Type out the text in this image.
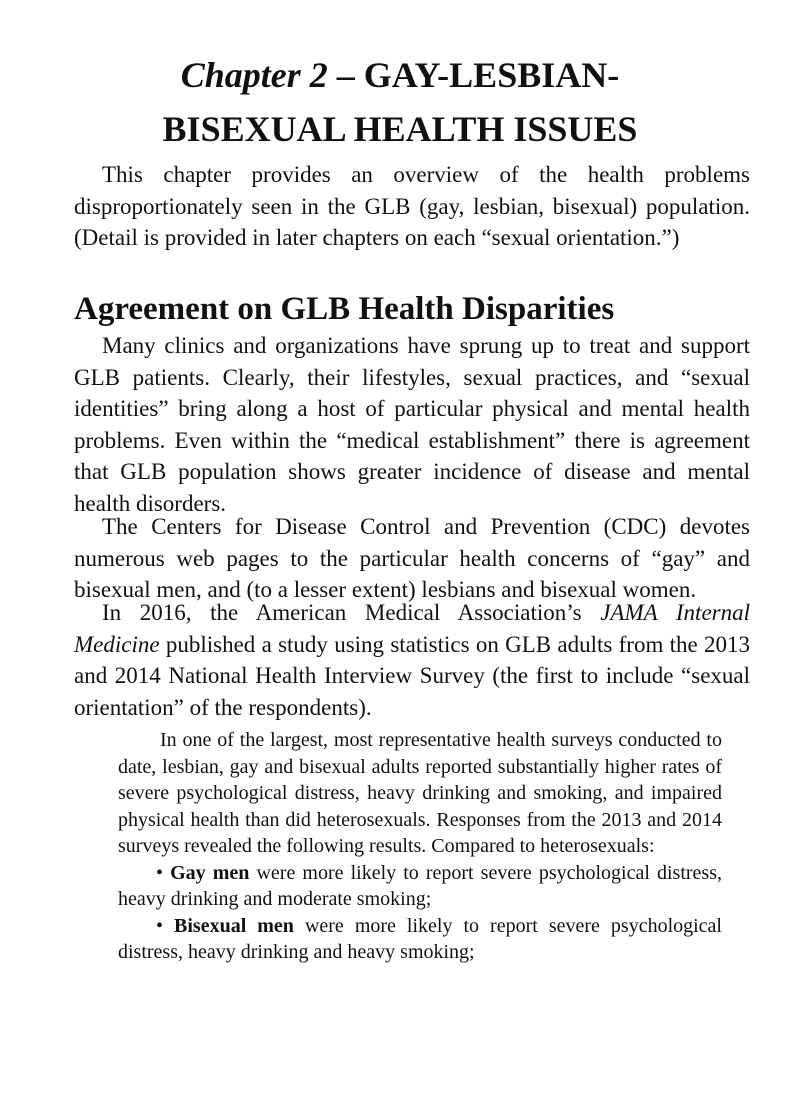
Chapter 2 – GAY-LESBIAN-
BISEXUAL HEALTH ISSUES

This chapter provides an overview of the health problems disproportionately seen in the GLB (gay, lesbian, bisexual) population. (Detail is provided in later chapters on each “sexual orientation.”)

Agreement on GLB Health Disparities

Many clinics and organizations have sprung up to treat and support GLB patients. Clearly, their lifestyles, sexual practices, and “sexual identities” bring along a host of particular physical and mental health problems. Even within the “medical establishment” there is agreement that GLB population shows greater incidence of disease and mental health disorders.

The Centers for Disease Control and Prevention (CDC) devotes numerous web pages to the particular health concerns of “gay” and bisexual men, and (to a lesser extent) lesbians and bisexual women.

In 2016, the American Medical Association’s JAMA Internal Medicine published a study using statistics on GLB adults from the 2013 and 2014 National Health Interview Survey (the first to include “sexual orientation” of the respondents).

In one of the largest, most representative health surveys conducted to date, lesbian, gay and bisexual adults reported substantially higher rates of severe psychological distress, heavy drinking and smoking, and impaired physical health than did heterosexuals. Responses from the 2013 and 2014 surveys revealed the following results. Compared to heterosexuals:

• Gay men were more likely to report severe psychological distress, heavy drinking and moderate smoking;

• Bisexual men were more likely to report severe psychological distress, heavy drinking and heavy smoking;
